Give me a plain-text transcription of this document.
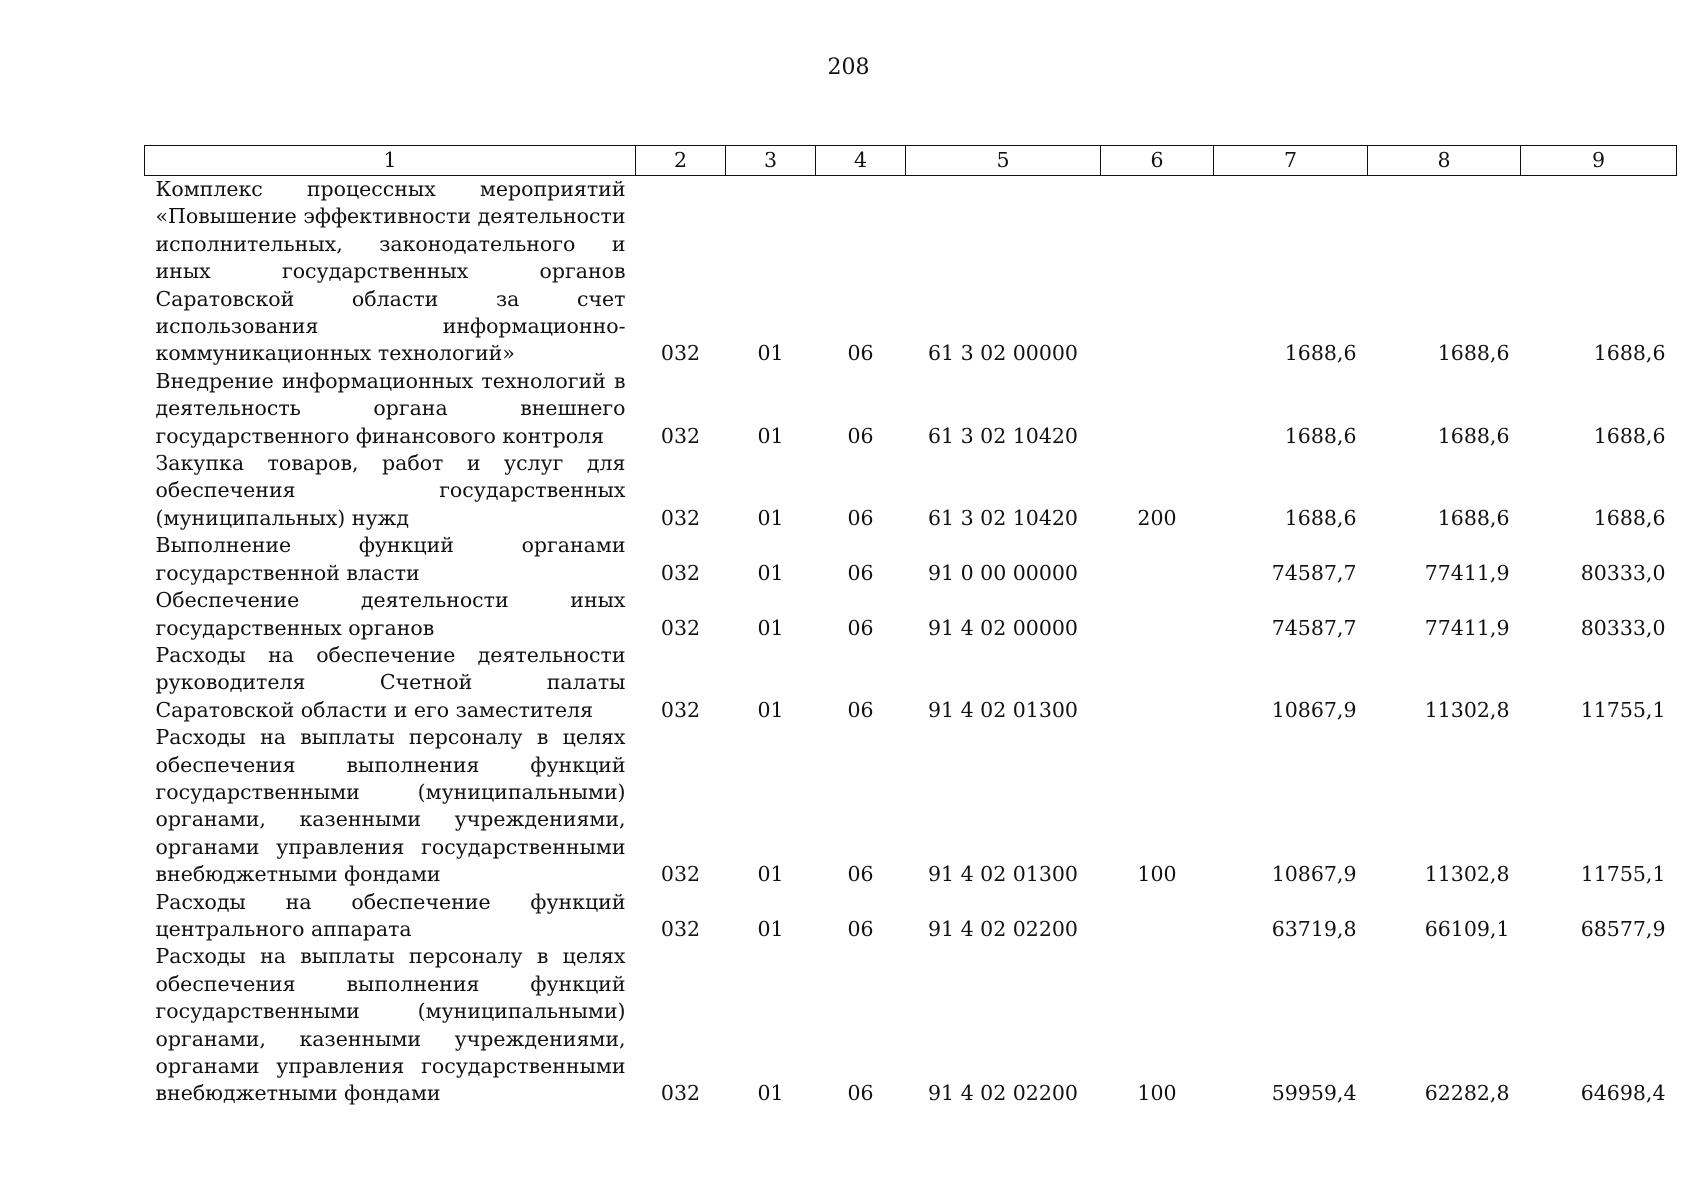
208
1	2	3	4	5	6	7	8	9
Комплекс процессных мероприятий «Повышение эффективности деятельности исполнительных, законодательного и иных государственных органов Саратовской области за счет использования информационно-коммуникационных технологий»	032	01	06	61 3 02 00000		1688,6	1688,6	1688,6
Внедрение информационных технологий в деятельность органа внешнего государственного финансового контроля	032	01	06	61 3 02 10420		1688,6	1688,6	1688,6
Закупка товаров, работ и услуг для обеспечения государственных (муниципальных) нужд	032	01	06	61 3 02 10420	200	1688,6	1688,6	1688,6
Выполнение функций органами государственной власти	032	01	06	91 0 00 00000		74587,7	77411,9	80333,0
Обеспечение деятельности иных государственных органов	032	01	06	91 4 02 00000		74587,7	77411,9	80333,0
Расходы на обеспечение деятельности руководителя Счетной палаты Саратовской области и его заместителя	032	01	06	91 4 02 01300		10867,9	11302,8	11755,1
Расходы на выплаты персоналу в целях обеспечения выполнения функций государственными (муниципальными) органами, казенными учреждениями, органами управления государственными внебюджетными фондами	032	01	06	91 4 02 01300	100	10867,9	11302,8	11755,1
Расходы на обеспечение функций центрального аппарата	032	01	06	91 4 02 02200		63719,8	66109,1	68577,9
Расходы на выплаты персоналу в целях обеспечения выполнения функций государственными (муниципальными) органами, казенными учреждениями, органами управления государственными внебюджетными фондами	032	01	06	91 4 02 02200	100	59959,4	62282,8	64698,4
